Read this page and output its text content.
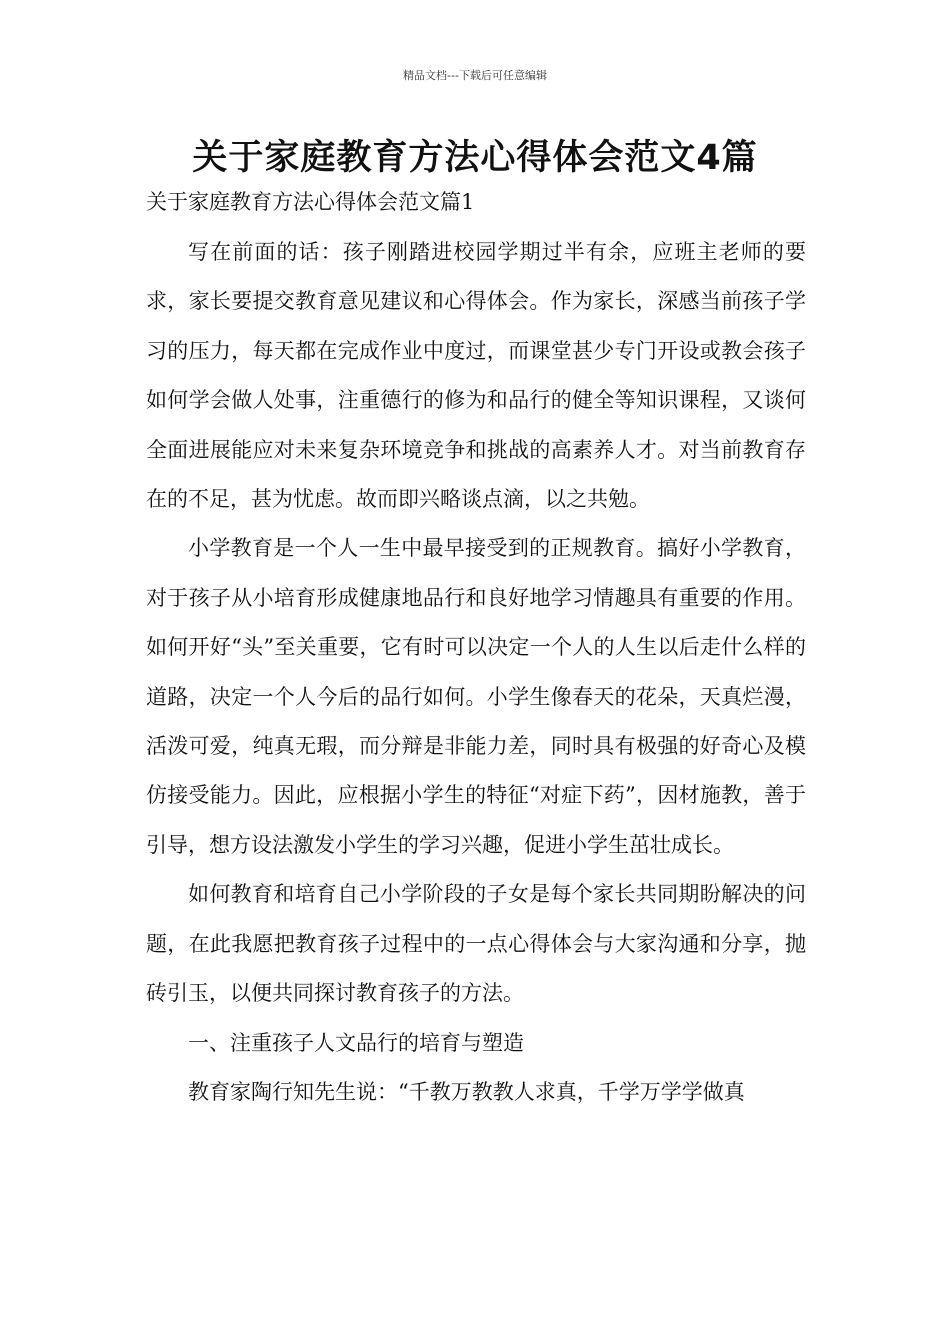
精品文档---下载后可任意编辑
关于家庭教育方法心得体会范文4篇
关于家庭教育方法心得体会范文篇1

写在前面的话：孩子刚踏进校园学期过半有余，应班主老师的要求，家长要提交教育意见建议和心得体会。作为家长，深感当前孩子学习的压力，每天都在完成作业中度过，而课堂甚少专门开设或教会孩子如何学会做人处事，注重德行的修为和品行的健全等知识课程，又谈何全面进展能应对未来复杂环境竞争和挑战的高素养人才。对当前教育存在的不足，甚为忧虑。故而即兴略谈点滴，以之共勉。

小学教育是一个人一生中最早接受到的正规教育。搞好小学教育，对于孩子从小培育形成健康地品行和良好地学习情趣具有重要的作用。如何开好“头”至关重要，它有时可以决定一个人的人生以后走什么样的道路，决定一个人今后的品行如何。小学生像春天的花朵，天真烂漫，活泼可爱，纯真无瑕，而分辩是非能力差，同时具有极强的好奇心及模仿接受能力。因此，应根据小学生的特征“对症下药”，因材施教，善于引导，想方设法激发小学生的学习兴趣，促进小学生茁壮成长。

如何教育和培育自己小学阶段的子女是每个家长共同期盼解决的问题，在此我愿把教育孩子过程中的一点心得体会与大家沟通和分享，抛砖引玉，以便共同探讨教育孩子的方法。

一、注重孩子人文品行的培育与塑造

教育家陶行知先生说：“千教万教教人求真，千学万学学做真
